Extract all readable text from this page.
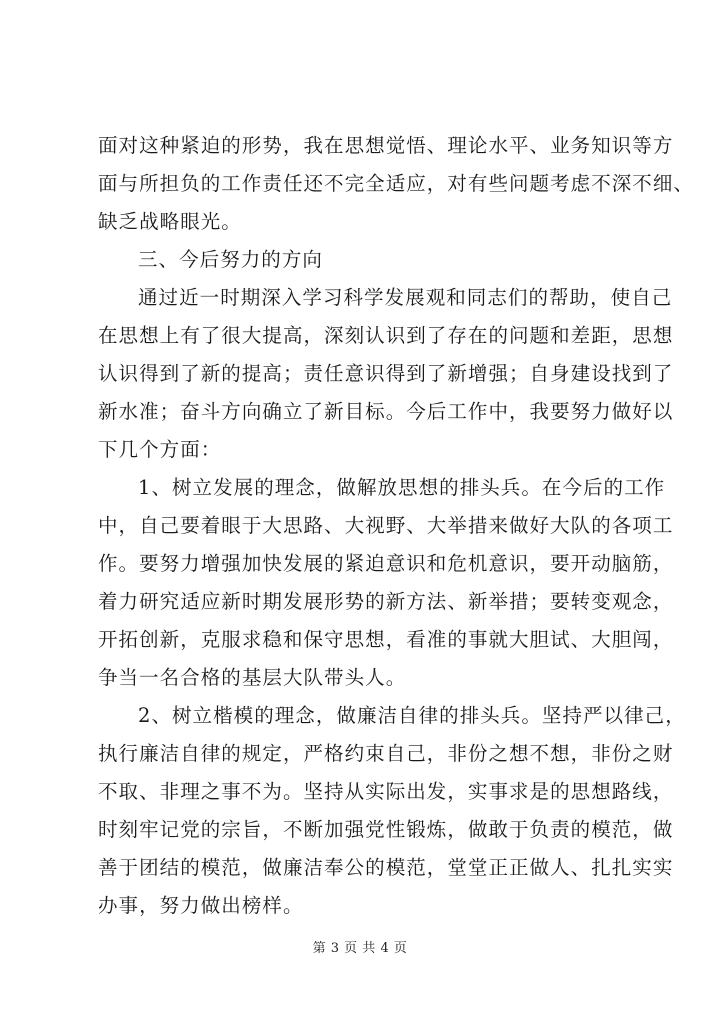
面对这种紧迫的形势，我在思想觉悟、理论水平、业务知识等方
面与所担负的工作责任还不完全适应，对有些问题考虑不深不细、
缺乏战略眼光。
三、今后努力的方向
通过近一时期深入学习科学发展观和同志们的帮助，使自己
在思想上有了很大提高，深刻认识到了存在的问题和差距，思想
认识得到了新的提高；责任意识得到了新增强；自身建设找到了
新水准；奋斗方向确立了新目标。今后工作中，我要努力做好以
下几个方面：
1、树立发展的理念，做解放思想的排头兵。在今后的工作
中，自己要着眼于大思路、大视野、大举措来做好大队的各项工
作。要努力增强加快发展的紧迫意识和危机意识，要开动脑筋，
着力研究适应新时期发展形势的新方法、新举措；要转变观念，
开拓创新，克服求稳和保守思想，看准的事就大胆试、大胆闯，
争当一名合格的基层大队带头人。
2、树立楷模的理念，做廉洁自律的排头兵。坚持严以律己，
执行廉洁自律的规定，严格约束自己，非份之想不想，非份之财
不取、非理之事不为。坚持从实际出发，实事求是的思想路线，
时刻牢记党的宗旨，不断加强党性锻炼，做敢于负责的模范，做
善于团结的模范，做廉洁奉公的模范，堂堂正正做人、扎扎实实
办事，努力做出榜样。
第 3 页 共 4 页
